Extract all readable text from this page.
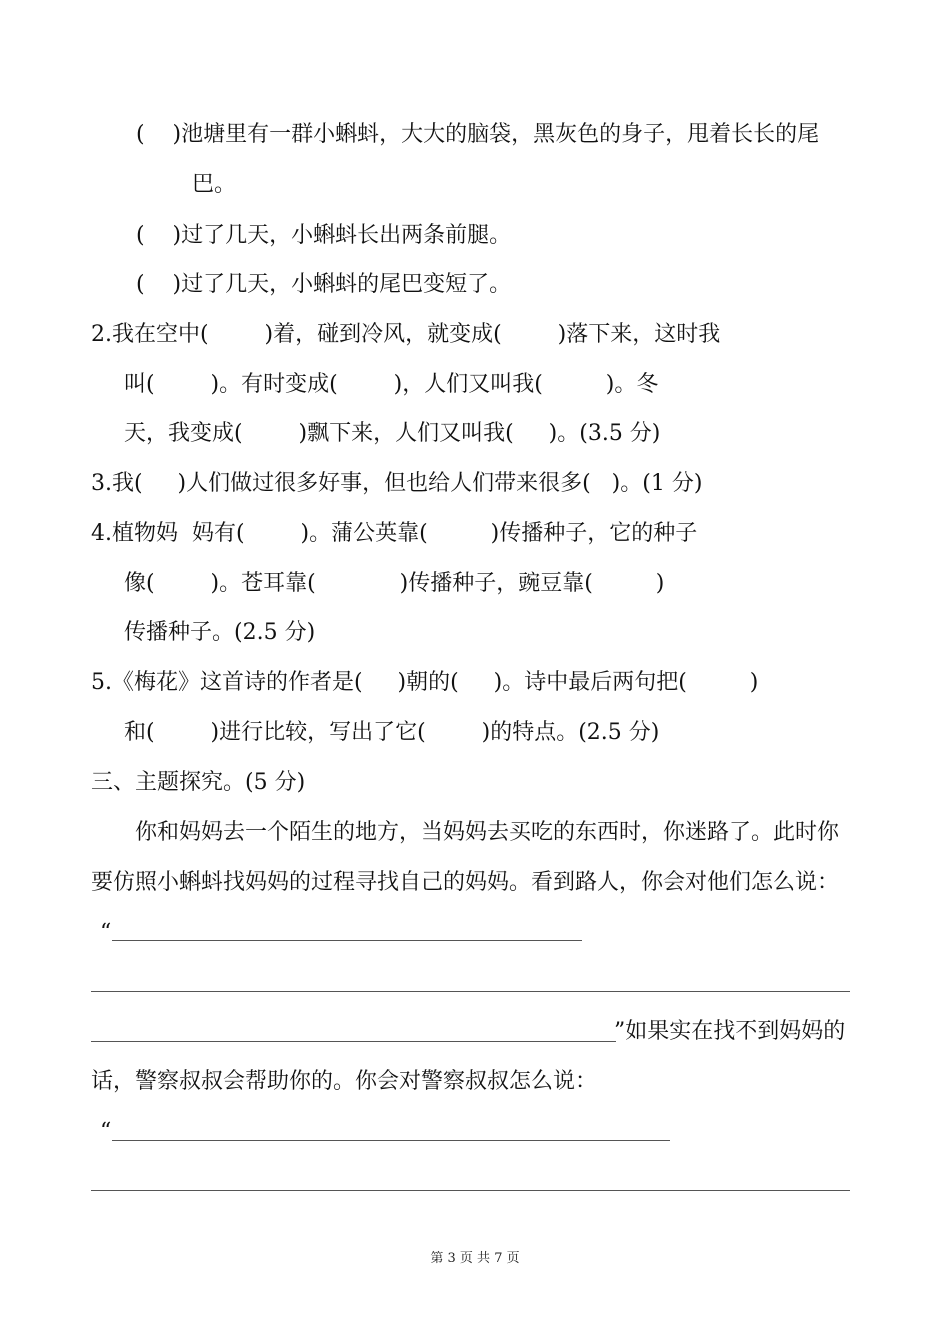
(    )池塘里有一群小蝌蚪，大大的脑袋，黑灰色的身子，甩着长长的尾
巴。
(    )过了几天，小蝌蚪长出两条前腿。
(    )过了几天，小蝌蚪的尾巴变短了。
2.我在空中(        )着，碰到冷风，就变成(        )落下来，这时我
叫(        )。有时变成(        )，人们又叫我(         )。冬
天，我变成(        )飘下来，人们又叫我(     )。(3.5 分)
3.我(     )人们做过很多好事，但也给人们带来很多(   )。(1 分)
4.植物妈  妈有(        )。蒲公英靠(         )传播种子，它的种子
像(        )。苍耳靠(            )传播种子，豌豆靠(         )
传播种子。(2.5 分)
5.《梅花》这首诗的作者是(     )朝的(     )。诗中最后两句把(         )
和(        )进行比较，写出了它(        )的特点。(2.5 分)
三、主题探究。(5 分)
你和妈妈去一个陌生的地方，当妈妈去买吃的东西时，你迷路了。此时你
要仿照小蝌蚪找妈妈的过程寻找自己的妈妈。看到路人，你会对他们怎么说：
“
”如果实在找不到妈妈的
话，警察叔叔会帮助你的。你会对警察叔叔怎么说：
“
第 3 页 共 7 页
